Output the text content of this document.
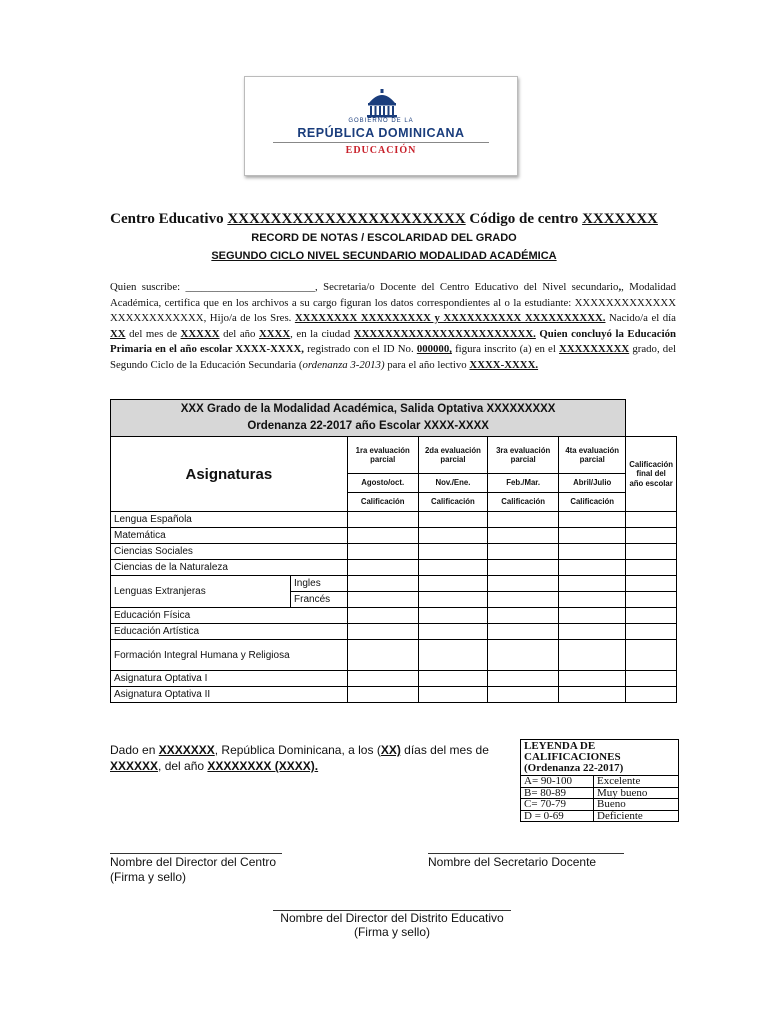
GOBIERNO DE LA
REPÚBLICA DOMINICANA
EDUCACIÓN
Centro Educativo XXXXXXXXXXXXXXXXXXXXXX Código de centro XXXXXXX
RECORD DE NOTAS / ESCOLARIDAD DEL GRADO
SEGUNDO CICLO NIVEL SECUNDARIO MODALIDAD ACADÉMICA
Quien suscribe: ________________________, Secretaria/o Docente del Centro Educativo del Nivel secundario,, Modalidad Académica, certifica que en los archivos a su cargo figuran los datos correspondientes al o la estudiante: XXXXXXXXXXXXX XXXXXXXXXXXX, Hijo/a de los Sres. XXXXXXXX XXXXXXXXX y XXXXXXXXXX XXXXXXXXXX. Nacido/a el día XX del mes de XXXXX del año XXXX, en la ciudad XXXXXXXXXXXXXXXXXXXXXXX. Quien concluyó la Educación Primaria en el año escolar XXXX-XXXX, registrado con el ID No. 000000, figura inscrito (a) en el XXXXXXXXX grado, del Segundo Ciclo de la Educación Secundaria (ordenanza 3-2013) para el año lectivo XXXX-XXXX.
XXX Grado de la Modalidad Académica, Salida Optativa XXXXXXXXX
Ordenanza 22-2017 año Escolar XXXX-XXXX						

Asignaturas		1ra evaluación parcial	2da evaluación parcial	3ra evaluación parcial	4ta evaluación parcial	Calificación final del año escolar
		Agosto/oct.	Nov./Ene.	Feb./Mar.	Abril/Julio	
		Calificación	Calificación	Calificación	Calificación	
Lengua Española						
Matemática						
Ciencias Sociales						
Ciencias de la Naturaleza						
Lenguas Extranjeras	Ingles					
	Francés					
Educación Física						
Educación Artística						
Formación Integral Humana y Religiosa						
Asignatura Optativa I						
Asignatura Optativa II						
Dado en XXXXXXX, República Dominicana, a los (XX) días del mes de XXXXXX, del año XXXXXXXX (XXXX).
LEYENDA DE CALIFICACIONES (Ordenanza 22-2017)
A= 90-100	Excelente
B= 80-89	Muy bueno
C= 70-79	Bueno
D = 0-69	Deficiente
Nombre del Director del Centro
(Firma y sello)
Nombre del Secretario Docente
Nombre del Director del Distrito Educativo
(Firma y sello)
